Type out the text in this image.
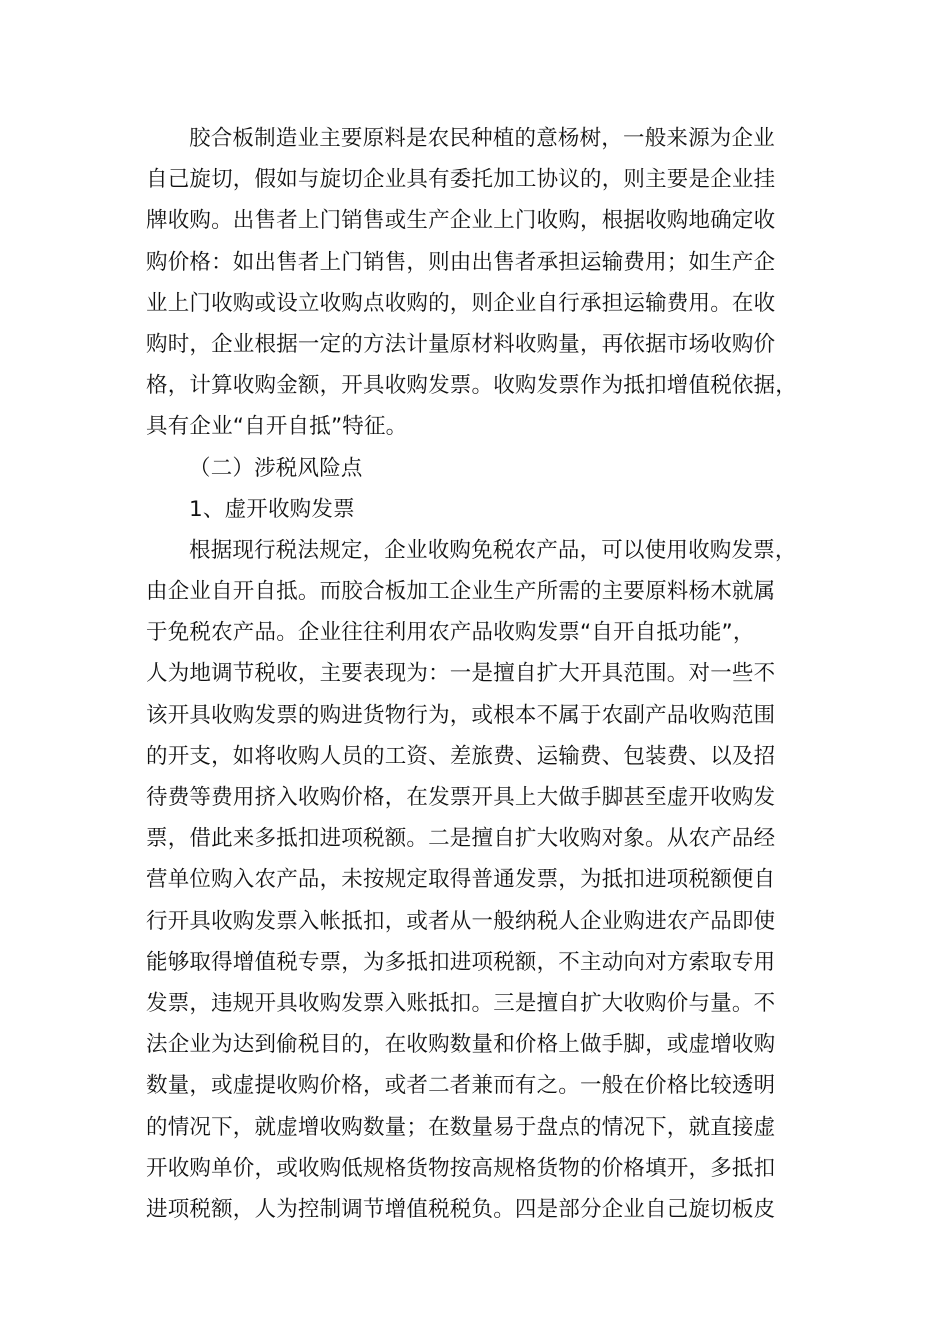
胶合板制造业主要原料是农民种植的意杨树，一般来源为企业
自己旋切，假如与旋切企业具有委托加工协议的，则主要是企业挂
牌收购。出售者上门销售或生产企业上门收购，根据收购地确定收
购价格：如出售者上门销售，则由出售者承担运输费用；如生产企
业上门收购或设立收购点收购的，则企业自行承担运输费用。在收
购时，企业根据一定的方法计量原材料收购量，再依据市场收购价
格，计算收购金额，开具收购发票。收购发票作为抵扣增值税依据，
具有企业“自开自抵”特征。
（二）涉税风险点
1、虚开收购发票
根据现行税法规定，企业收购免税农产品，可以使用收购发票，
由企业自开自抵。而胶合板加工企业生产所需的主要原料杨木就属
于免税农产品。企业往往利用农产品收购发票“自开自抵功能”，
人为地调节税收，主要表现为：一是擅自扩大开具范围。对一些不
该开具收购发票的购进货物行为，或根本不属于农副产品收购范围
的开支，如将收购人员的工资、差旅费、运输费、包装费、以及招
待费等费用挤入收购价格，在发票开具上大做手脚甚至虚开收购发
票，借此来多抵扣进项税额。二是擅自扩大收购对象。从农产品经
营单位购入农产品，未按规定取得普通发票，为抵扣进项税额便自
行开具收购发票入帐抵扣，或者从一般纳税人企业购进农产品即使
能够取得增值税专票，为多抵扣进项税额，不主动向对方索取专用
发票，违规开具收购发票入账抵扣。三是擅自扩大收购价与量。不
法企业为达到偷税目的，在收购数量和价格上做手脚，或虚增收购
数量，或虚提收购价格，或者二者兼而有之。一般在价格比较透明
的情况下，就虚增收购数量；在数量易于盘点的情况下，就直接虚
开收购单价，或收购低规格货物按高规格货物的价格填开，多抵扣
进项税额，人为控制调节增值税税负。四是部分企业自己旋切板皮
